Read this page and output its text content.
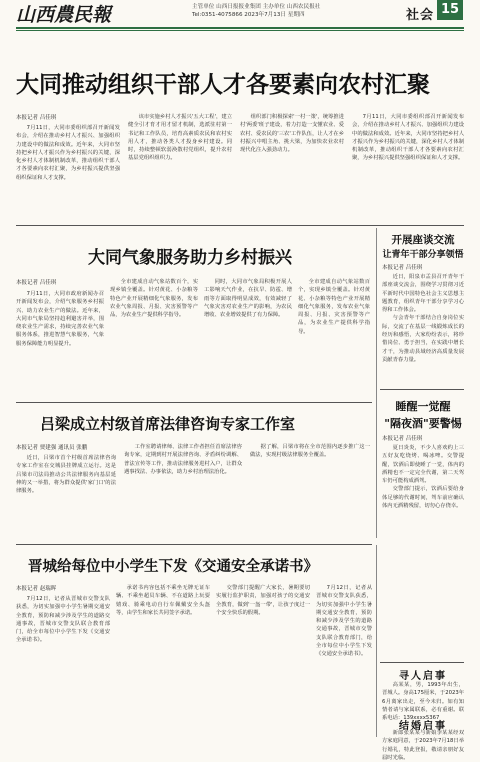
山西農民報	主管单位 山西日报报业集团 主办单位 山西农民报社
Tel:0351-4075866 2023年7月13日 星期四	社会 15
大同推动组织干部人才各要素向农村汇聚
本报记者 吕佳琪

7月11日，大同市委组织部召开新闻发布会，介绍在推动乡村人才振兴、加强组织力建设中的做法和成效。近年来，大同市坚持把乡村人才振兴作为乡村振兴的关键，深化乡村人才体制机制改革，推动组织干部人才各要素向农村汇聚，为乡村振兴提供坚强组织保证和人才支撑。

该市实施乡村人才振兴'五大工程'，建立健全引才育才用才留才机制，选派驻村第一书记和工作队员，培育高素质农民和农村实用人才，推动各类人才投身乡村建设。同时，持续整顿软弱涣散村党组织，提升农村基层党组织组织力。

组织部门积极探索'一村一策'，统筹推进村'两委'班子建设，着力打造一支懂农业、爱农村、爱农民的'三农'工作队伍，让人才在乡村振兴中唱主角、挑大梁，为加快农业农村现代化注入强劲动力。

7月11日，大同市委组织部召开新闻发布会，介绍在推动乡村人才振兴、加强组织力建设中的做法和成效。近年来，大同市坚持把乡村人才振兴作为乡村振兴的关键，深化乡村人才体制机制改革，推动组织干部人才各要素向农村汇聚，为乡村振兴提供坚强组织保证和人才支撑。

大同气象服务助力乡村振兴
本报记者 吕佳琪

7月11日，大同市政府新闻办召开新闻发布会，介绍气象服务乡村振兴、助力农业生产的做法。近年来，大同市气象局坚持趋利避害并举，围绕农业生产需求，持续完善农业气象服务体系，推进智慧气象服务，气象服务保障能力明显提升。

全市建成自动气象站数百个，实现乡镇全覆盖。针对黄花、小杂粮等特色产业开展精细化气象服务，发布农业气象周报、月报、灾害预警等产品，为农业生产提供科学指导。

同时，大同市气象局积极开展人工影响天气作业，在抗旱、防雹、增雨等方面取得明显成效，有效减轻了气象灾害对农业生产的影响，为农民增收、农业增效提供了有力保障。

全市建成自动气象站数百个，实现乡镇全覆盖。针对黄花、小杂粮等特色产业开展精细化气象服务，发布农业气象周报、月报、灾害预警等产品，为农业生产提供科学指导。

吕梁成立村级首席法律咨询专家工作室
本报记者 贾建强 通讯员 张鹏

近日，吕梁市首个村级首席法律咨询专家工作室在交城县挂牌成立运行。这是吕梁市司法局推动公共法律服务向基层延伸的又一举措，将为群众提供'家门口'的法律服务。

工作室聘请律师、法律工作者担任首席法律咨询专家，定期到村开展法律咨询、矛盾纠纷调解、普法宣传等工作，推动法律服务进村入户，让群众遇事找法、办事依法，助力乡村治理法治化。

据了解，吕梁市将在全市范围内逐步推广这一做法，实现村级法律服务全覆盖。

晋城给每位中小学生下发《交通安全承诺书》
本报记者 赵瑞晖

7月12日，记者从晋城市交警支队获悉，为切实加强中小学生暑期交通安全教育，预防和减少涉及学生的道路交通事故，晋城市交警支队联合教育部门，给全市每位中小学生下发《交通安全承诺书》。

承诺书内容包括不乘坐无牌无证车辆、不乘坐超员车辆、不在道路上玩耍嬉戏、骑乘电动自行车佩戴安全头盔等，由学生和家长共同签字承诺。

交警部门提醒广大家长，暑期要切实履行监护职责，加强对孩子的交通安全教育，做到'一盔一带'，让孩子度过一个安全快乐的假期。

7月12日，记者从晋城市交警支队获悉，为切实加强中小学生暑期交通安全教育，预防和减少涉及学生的道路交通事故，晋城市交警支队联合教育部门，给全市每位中小学生下发《交通安全承诺书》。

开展座谈交流
让青年干部分享领悟
本报记者 吕佳琪

近日，阳泉市盂县召开青年干部座谈交流会，围绕学习贯彻习近平新时代中国特色社会主义思想主题教育，组织青年干部分享学习心得和工作体会。

与会青年干部结合自身岗位实际，交流了在基层一线锻炼成长的经历和感悟，大家纷纷表示，将珍惜岗位、勇于担当，在实践中增长才干，为推动县域经济高质量发展贡献青春力量。

睡醒一觉醒
"隔夜酒"要警惕
本报记者 吕佳琪

夏日炎炎，不少人喜欢约上三五好友吃烧烤、喝冰啤。交警提醒，饮酒后即使睡了一觉，体内的酒精也不一定完全代谢，第二天驾车仍可能构成酒驾。

交警部门提示，饮酒后要给身体足够的代谢时间，驾车前应确认体内无酒精残留，切勿心存侥幸。

寻人启事

高某某，男，1993年出生，晋城人。身高175厘米，于2023年6月离家出走，至今未归。如有知情者请与家属联系，必有重谢。联系电话：139xxxx5367

结婚启事

新郎张某某与新娘李某某经双方家庭同意，于2023年7月18日举行婚礼，特此登报，敬请亲朋好友届时光临。
